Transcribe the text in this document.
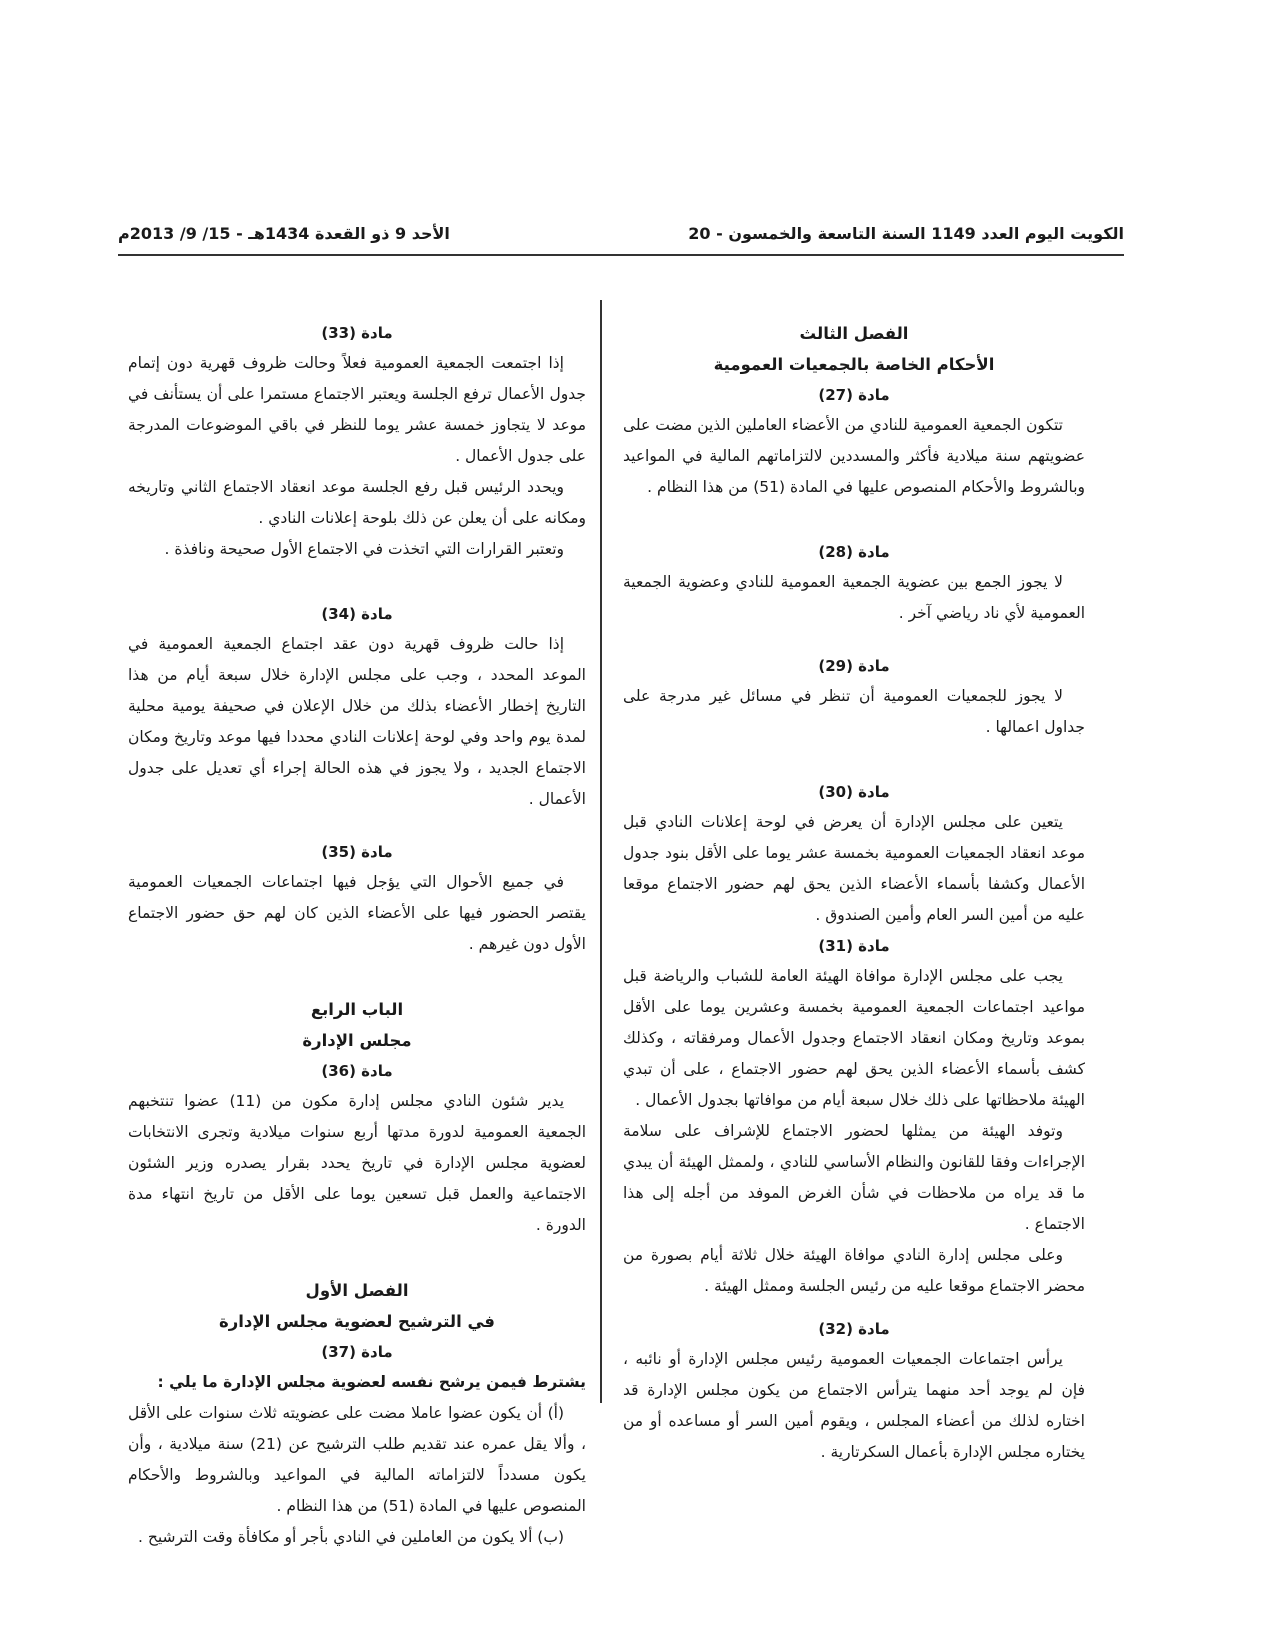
الكويت اليوم العدد 1149 السنة التاسعة والخمسون - 20
الأحد 9 ذو القعدة 1434هـ - 15/ 9/ 2013م
الفصل الثالث
الأحكام الخاصة بالجمعيات العمومية
مادة (27)

تتكون الجمعية العمومية للنادي من الأعضاء العاملين الذين مضت على عضويتهم سنة ميلادية فأكثر والمسددين لالتزاماتهم المالية في المواعيد وبالشروط والأحكام المنصوص عليها في المادة (51) من هذا النظام .

مادة (28)

لا يجوز الجمع بين عضوية الجمعية العمومية للنادي وعضوية الجمعية العمومية لأي ناد رياضي آخر .

مادة (29)

لا يجوز للجمعيات العمومية أن تنظر في مسائل غير مدرجة على جداول اعمالها .

مادة (30)

يتعين على مجلس الإدارة أن يعرض في لوحة إعلانات النادي قبل موعد انعقاد الجمعيات العمومية بخمسة عشر يوما على الأقل بنود جدول الأعمال وكشفا بأسماء الأعضاء الذين يحق لهم حضور الاجتماع موقعا عليه من أمين السر العام وأمين الصندوق .

مادة (31)

يجب على مجلس الإدارة موافاة الهيئة العامة للشباب والرياضة قبل مواعيد اجتماعات الجمعية العمومية بخمسة وعشرين يوما على الأقل بموعد وتاريخ ومكان انعقاد الاجتماع وجدول الأعمال ومرفقاته ، وكذلك كشف بأسماء الأعضاء الذين يحق لهم حضور الاجتماع ، على أن تبدي الهيئة ملاحظاتها على ذلك خلال سبعة أيام من موافاتها بجدول الأعمال .

وتوفد الهيئة من يمثلها لحضور الاجتماع للإشراف على سلامة الإجراءات وفقا للقانون والنظام الأساسي للنادي ، ولممثل الهيئة أن يبدي ما قد يراه من ملاحظات في شأن الغرض الموفد من أجله إلى هذا الاجتماع .

وعلى مجلس إدارة النادي موافاة الهيئة خلال ثلاثة أيام بصورة من محضر الاجتماع موقعا عليه من رئيس الجلسة وممثل الهيئة .

مادة (32)

يرأس اجتماعات الجمعيات العمومية رئيس مجلس الإدارة أو نائبه ، فإن لم يوجد أحد منهما يترأس الاجتماع من يكون مجلس الإدارة قد اختاره لذلك من أعضاء المجلس ، ويقوم أمين السر أو مساعده أو من يختاره مجلس الإدارة بأعمال السكرتارية .

مادة (33)

إذا اجتمعت الجمعية العمومية فعلاً وحالت ظروف قهرية دون إتمام جدول الأعمال ترفع الجلسة ويعتبر الاجتماع مستمرا على أن يستأنف في موعد لا يتجاوز خمسة عشر يوما للنظر في باقي الموضوعات المدرجة على جدول الأعمال .

ويحدد الرئيس قبل رفع الجلسة موعد انعقاد الاجتماع الثاني وتاريخه ومكانه على أن يعلن عن ذلك بلوحة إعلانات النادي .

وتعتبر القرارات التي اتخذت في الاجتماع الأول صحيحة ونافذة .

مادة (34)

إذا حالت ظروف قهرية دون عقد اجتماع الجمعية العمومية في الموعد المحدد ، وجب على مجلس الإدارة خلال سبعة أيام من هذا التاريخ إخطار الأعضاء بذلك من خلال الإعلان في صحيفة يومية محلية لمدة يوم واحد وفي لوحة إعلانات النادي محددا فيها موعد وتاريخ ومكان الاجتماع الجديد ، ولا يجوز في هذه الحالة إجراء أي تعديل على جدول الأعمال .

مادة (35)

في جميع الأحوال التي يؤجل فيها اجتماعات الجمعيات العمومية يقتصر الحضور فيها على الأعضاء الذين كان لهم حق حضور الاجتماع الأول دون غيرهم .

الباب الرابع
مجلس الإدارة
مادة (36)

يدير شئون النادي مجلس إدارة مكون من (11) عضوا تنتخبهم الجمعية العمومية لدورة مدتها أربع سنوات ميلادية وتجرى الانتخابات لعضوية مجلس الإدارة في تاريخ يحدد بقرار يصدره وزير الشئون الاجتماعية والعمل قبل تسعين يوما على الأقل من تاريخ انتهاء مدة الدورة .

الفصل الأول
في الترشيح لعضوية مجلس الإدارة
مادة (37)

يشترط فيمن يرشح نفسه لعضوية مجلس الإدارة ما يلي :

(أ) أن يكون عضوا عاملا مضت على عضويته ثلاث سنوات على الأقل ، وألا يقل عمره عند تقديم طلب الترشيح عن (21) سنة ميلادية ، وأن يكون مسدداً لالتزاماته المالية في المواعيد وبالشروط والأحكام المنصوص عليها في المادة (51) من هذا النظام .

(ب) ألا يكون من العاملين في النادي بأجر أو مكافأة وقت الترشيح .
